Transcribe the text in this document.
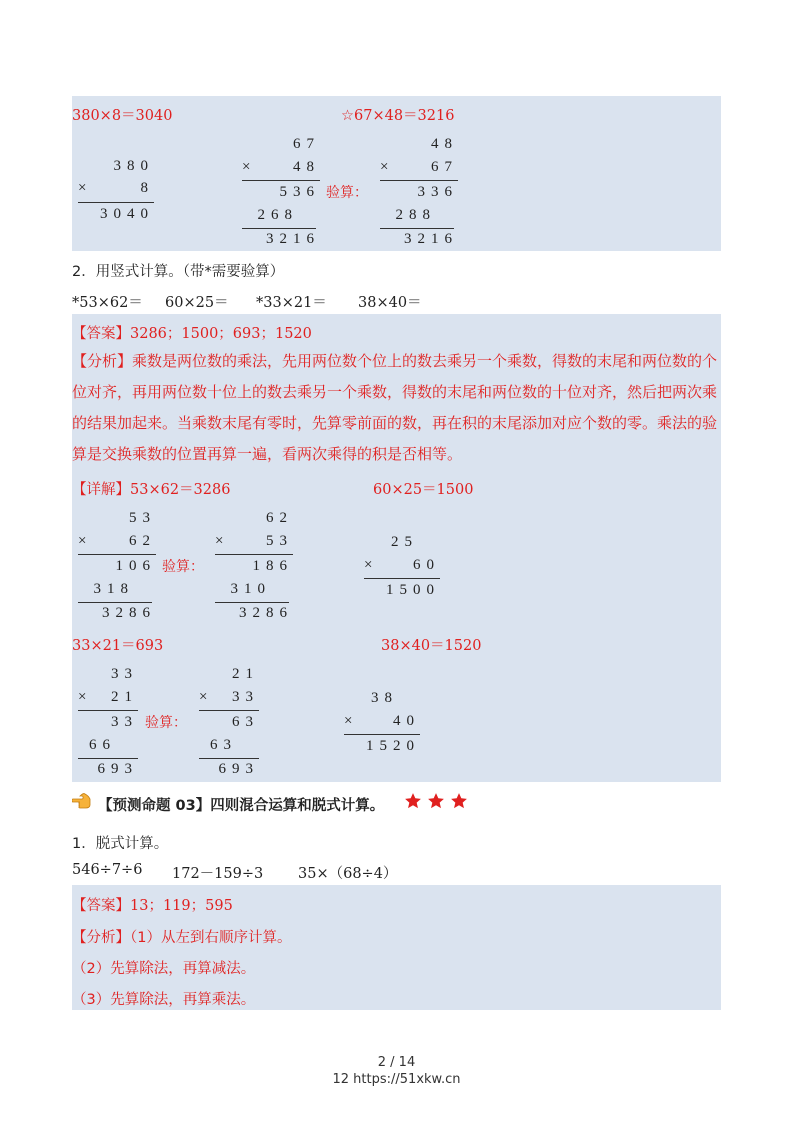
380×8＝3040	☆67×48＝3216
380
×	8
3040
67
×	48
536
268
3216
验算：
48
×	67
336
288
3216
2．用竖式计算。（带*需要验算）
*53×62＝ 60×25＝ *33×21＝ 38×40＝
【答案】3286；1500；693；1520
【分析】乘数是两位数的乘法，先用两位数个位上的数去乘另一个乘数，得数的末尾和两位数的个位对齐，再用两位数十位上的数去乘另一个乘数，得数的末尾和两位数的十位对齐，然后把两次乘的结果加起来。当乘数末尾有零时，先算零前面的数，再在积的末尾添加对应个数的零。乘法的验算是交换乘数的位置再算一遍，看两次乘得的积是否相等。
【详解】53×62＝3286	60×25＝1500
53
×	62
106
318
3286
验算：
62
×	53
186
310
3286
25
×	60
1500
33×21＝693	38×40＝1520
33
× 21
33
66
693
验算：
21
× 33
63
63
693
38
×	40
1520
【预测命题 03】四则混合运算和脱式计算。

1．脱式计算。
546÷7÷6 172－159÷3 35×（68÷4）
【答案】13；119；595
【分析】（1）从左到右顺序计算。
（2）先算除法，再算减法。
（3）先算除法，再算乘法。
2 / 14
12 https://51xkw.cn
